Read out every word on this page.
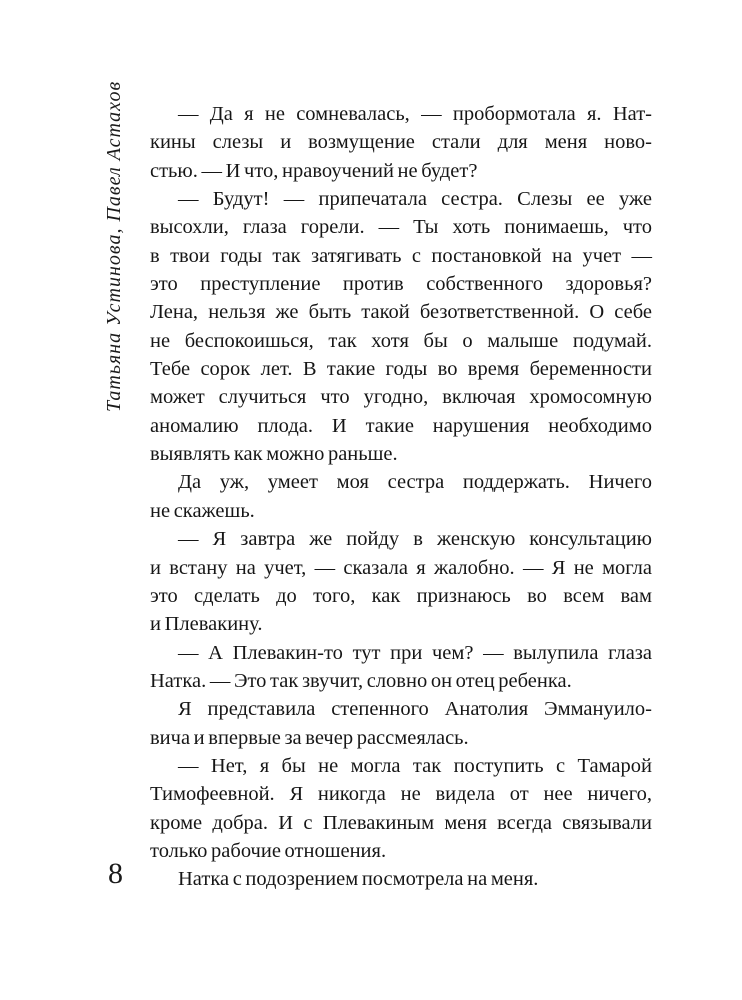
Татьяна Устинова, Павел Астахов
8
— Да я не сомневалась, — пробормотала я. Нат-
кины слезы и возмущение стали для меня ново-
стью. — И что, нравоучений не будет?
— Будут! — припечатала сестра. Слезы ее уже
высохли, глаза горели. — Ты хоть понимаешь, что
в твои годы так затягивать с постановкой на учет —
это преступление против собственного здоровья?
Лена, нельзя же быть такой безответственной. О себе
не беспокоишься, так хотя бы о малыше подумай.
Тебе сорок лет. В такие годы во время беременности
может случиться что угодно, включая хромосомную
аномалию плода. И такие нарушения необходимо
выявлять как можно раньше.
Да уж, умеет моя сестра поддержать. Ничего
не скажешь.
— Я завтра же пойду в женскую консультацию
и встану на учет, — сказала я жалобно. — Я не могла
это сделать до того, как признаюсь во всем вам
и Плевакину.
— А Плевакин-то тут при чем? — вылупила глаза
Натка. — Это так звучит, словно он отец ребенка.
Я представила степенного Анатолия Эммануило-
вича и впервые за вечер рассмеялась.
— Нет, я бы не могла так поступить с Тамарой
Тимофеевной. Я никогда не видела от нее ничего,
кроме добра. И с Плевакиным меня всегда связывали
только рабочие отношения.
Натка с подозрением посмотрела на меня.
